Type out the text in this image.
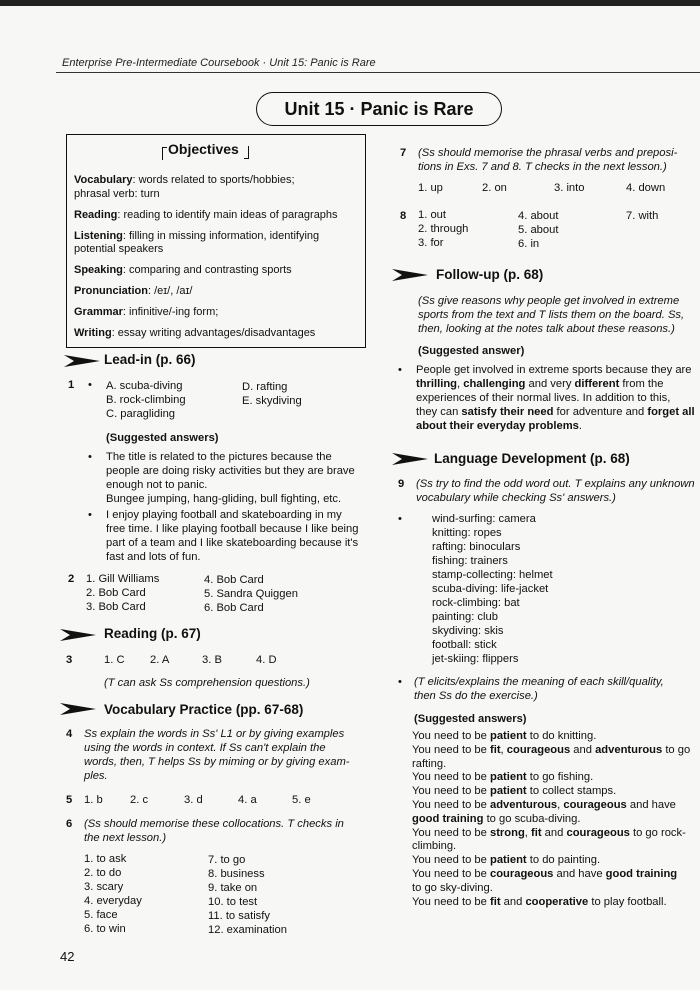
Enterprise Pre-Intermediate Coursebook · Unit 15: Panic is Rare
Unit 15 · Panic is Rare
Objectives
Vocabulary: words related to sports/hobbies;
phrasal verb: turn
Reading: reading to identify main ideas of paragraphs
Listening: filling in missing information, identifying
potential speakers
Speaking: comparing and contrasting sports
Pronunciation: /eɪ/, /aɪ/
Grammar: infinitive/-ing form;
Writing: essay writing advantages/disadvantages
Lead-in (p. 66)
1 • A. scuba-diving
B. rock-climbing
C. paragliding
D. rafting
E. skydiving
(Suggested answers)
• The title is related to the pictures because the
people are doing risky activities but they are brave
enough not to panic.
Bungee jumping, hang-gliding, bull fighting, etc.
• I enjoy playing football and skateboarding in my
free time. I like playing football because I like being
part of a team and I like skateboarding because it's
fast and lots of fun.
2 1. Gill Williams
2. Bob Card
3. Bob Card
4. Bob Card
5. Sandra Quiggen
6. Bob Card
Reading (p. 67)
3	1. C 2. A	3. B	4. D
(T can ask Ss comprehension questions.)
Vocabulary Practice (pp. 67-68)
4 Ss explain the words in Ss' L1 or by giving examples
using the words in context. If Ss can't explain the
words, then, T helps Ss by miming or by giving exam-
ples.
5 1. b 2. c	3. d	4. a	5. e
6 (Ss should memorise these collocations. T checks in
the next lesson.)
1. to ask
2. to do
3. scary
4. everyday
5. face
6. to win
7. to go
8. business
9. take on
10. to test
11. to satisfy
12. examination
7 (Ss should memorise the phrasal verbs and preposi-
tions in Exs. 7 and 8. T checks in the next lesson.)
1. up	2. on	3. into	4. down
8 1. out
2. through
3. for
4. about
5. about
6. in
7. with
Follow-up (p. 68)
(Ss give reasons why people get involved in extreme
sports from the text and T lists them on the board. Ss,
then, looking at the notes talk about these reasons.)
(Suggested answer)
• People get involved in extreme sports because they are
thrilling, challenging and very different from the
experiences of their normal lives. In addition to this,
they can satisfy their need for adventure and forget all
about their everyday problems.
Language Development (p. 68)
9 (Ss try to find the odd word out. T explains any unknown
vocabulary while checking Ss' answers.)
•	wind-surfing: camera
knitting: ropes
rafting: binoculars
fishing: trainers
stamp-collecting: helmet
scuba-diving: life-jacket
rock-climbing: bat
painting: club
skydiving: skis
football: stick
jet-skiing: flippers
• (T elicits/explains the meaning of each skill/quality,
then Ss do the exercise.)
(Suggested answers)
You need to be patient to do knitting.
You need to be fit, courageous and adventurous to go
rafting.
You need to be patient to go fishing.
You need to be patient to collect stamps.
You need to be adventurous, courageous and have
good training to go scuba-diving.
You need to be strong, fit and courageous to go rock-
climbing.
You need to be patient to do painting.
You need to be courageous and have good training
to go sky-diving.
You need to be fit and cooperative to play football.
42
